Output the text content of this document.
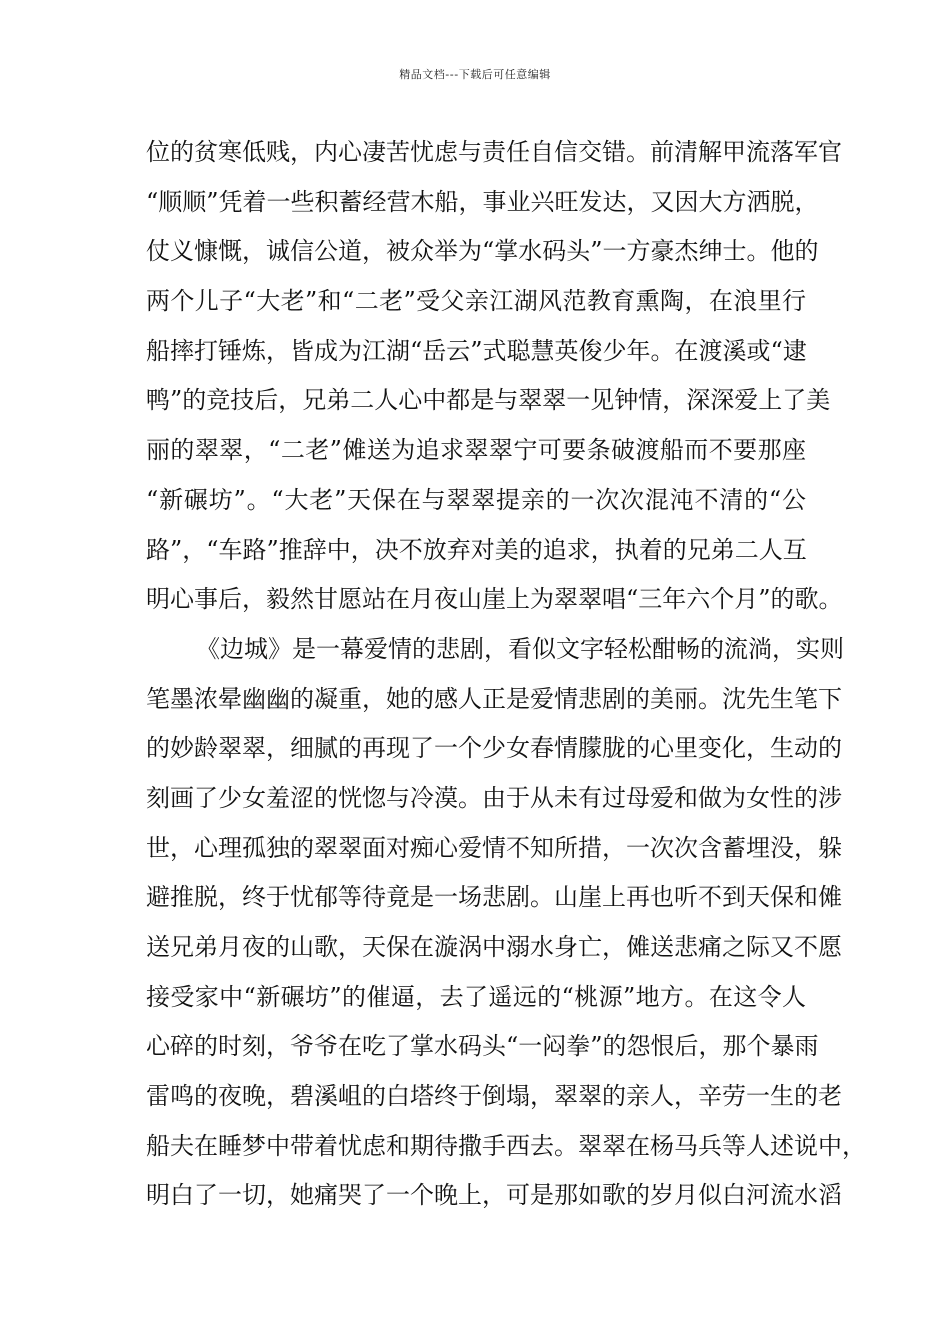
精品文档---下载后可任意编辑
位的贫寒低贱，内心凄苦忧虑与责任自信交错。前清解甲流落军官
“顺顺”凭着一些积蓄经营木船，事业兴旺发达，又因大方洒脱，
仗义慷慨，诚信公道，被众举为“掌水码头”一方豪杰绅士。他的
两个儿子“大老”和“二老”受父亲江湖风范教育熏陶，在浪里行
船摔打锤炼，皆成为江湖“岳云”式聪慧英俊少年。在渡溪或“逮
鸭”的竞技后，兄弟二人心中都是与翠翠一见钟情，深深爱上了美
丽的翠翠，“二老”傩送为追求翠翠宁可要条破渡船而不要那座
“新碾坊”。“大老”天保在与翠翠提亲的一次次混沌不清的“公
路”，“车路”推辞中，决不放弃对美的追求，执着的兄弟二人互
明心事后，毅然甘愿站在月夜山崖上为翠翠唱“三年六个月”的歌。
《边城》是一幕爱情的悲剧，看似文字轻松酣畅的流淌，实则
笔墨浓晕幽幽的凝重，她的感人正是爱情悲剧的美丽。沈先生笔下
的妙龄翠翠，细腻的再现了一个少女春情朦胧的心里变化，生动的
刻画了少女羞涩的恍惚与冷漠。由于从未有过母爱和做为女性的涉
世，心理孤独的翠翠面对痴心爱情不知所措，一次次含蓄埋没，躲
避推脱，终于忧郁等待竟是一场悲剧。山崖上再也听不到天保和傩
送兄弟月夜的山歌，天保在漩涡中溺水身亡，傩送悲痛之际又不愿
接受家中“新碾坊”的催逼，去了遥远的“桃源”地方。在这令人
心碎的时刻，爷爷在吃了掌水码头“一闷拳”的怨恨后，那个暴雨
雷鸣的夜晚，碧溪岨的白塔终于倒塌，翠翠的亲人，辛劳一生的老
船夫在睡梦中带着忧虑和期待撒手西去。翠翠在杨马兵等人述说中，
明白了一切，她痛哭了一个晚上，可是那如歌的岁月似白河流水滔
